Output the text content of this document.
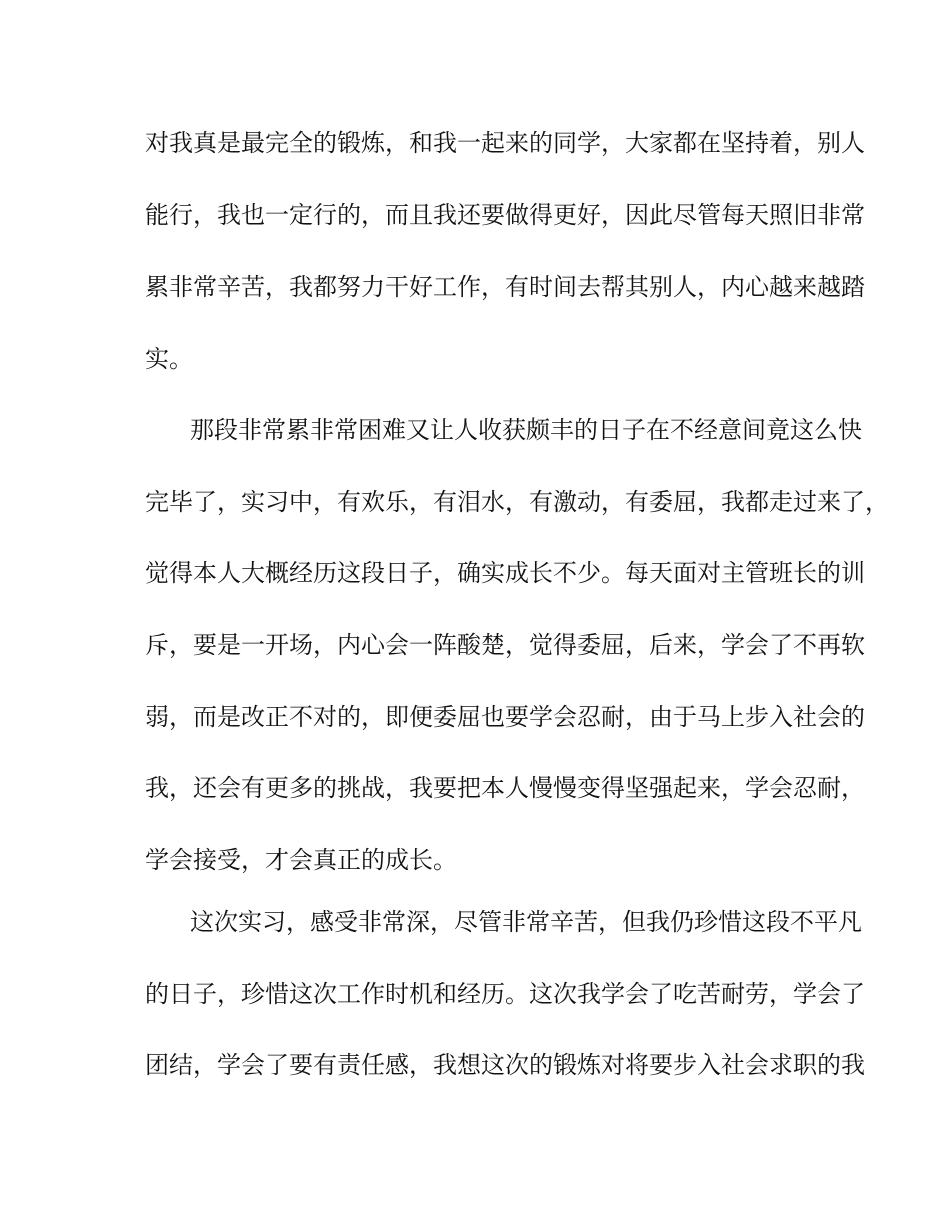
对我真是最完全的锻炼，和我一起来的同学，大家都在坚持着，别人

能行，我也一定行的，而且我还要做得更好，因此尽管每天照旧非常

累非常辛苦，我都努力干好工作，有时间去帮其别人，内心越来越踏

实。

那段非常累非常困难又让人收获颇丰的日子在不经意间竟这么快

完毕了，实习中，有欢乐，有泪水，有激动，有委屈，我都走过来了，

觉得本人大概经历这段日子，确实成长不少。每天面对主管班长的训

斥，要是一开场，内心会一阵酸楚，觉得委屈，后来，学会了不再软

弱，而是改正不对的，即便委屈也要学会忍耐，由于马上步入社会的

我，还会有更多的挑战，我要把本人慢慢变得坚强起来，学会忍耐，

学会接受，才会真正的成长。

这次实习，感受非常深，尽管非常辛苦，但我仍珍惜这段不平凡

的日子，珍惜这次工作时机和经历。这次我学会了吃苦耐劳，学会了

团结，学会了要有责任感，我想这次的锻炼对将要步入社会求职的我
